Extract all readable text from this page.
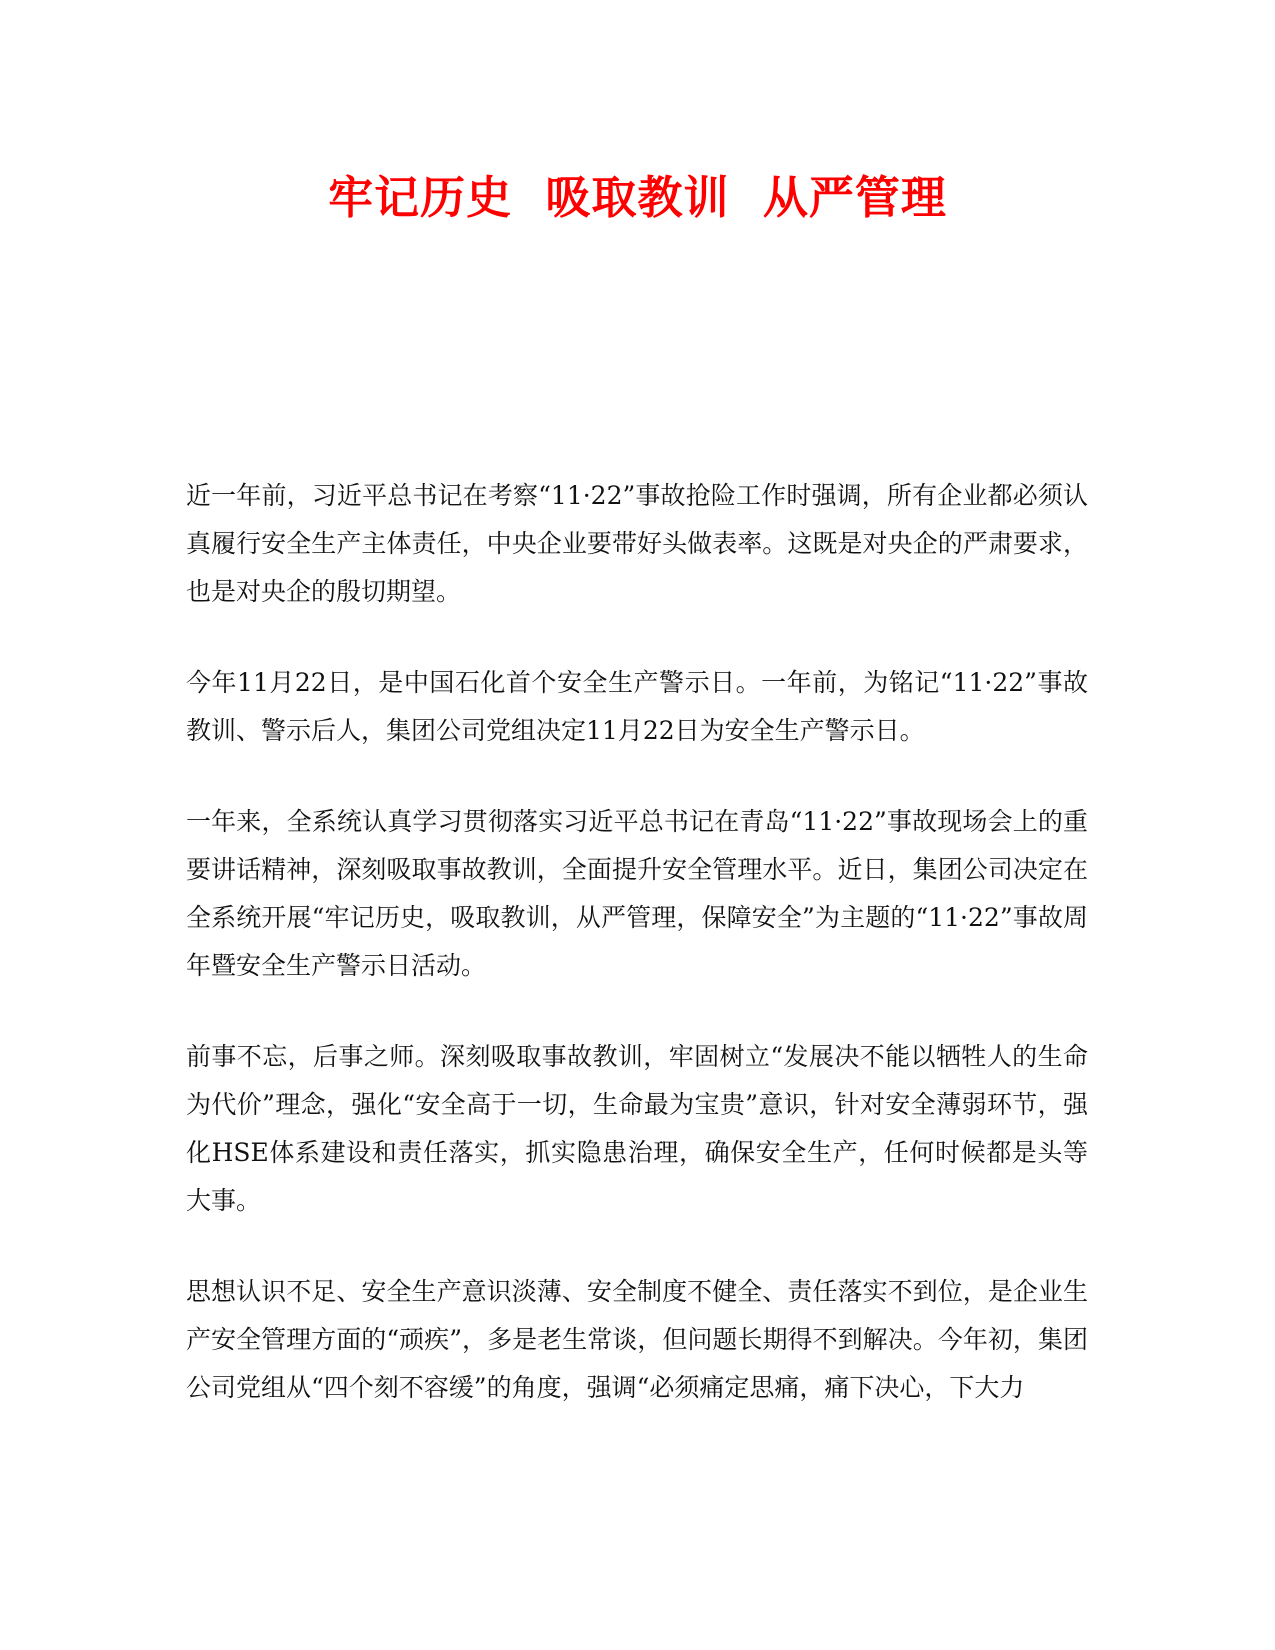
牢记历史  吸取教训  从严管理

近一年前，习近平总书记在考察“11·22”事故抢险工作时强调，所有企业都必须认真履行安全生产主体责任，中央企业要带好头做表率。这既是对央企的严肃要求，也是对央企的殷切期望。

今年11月22日，是中国石化首个安全生产警示日。一年前，为铭记“11·22”事故教训、警示后人，集团公司党组决定11月22日为安全生产警示日。

一年来，全系统认真学习贯彻落实习近平总书记在青岛“11·22”事故现场会上的重要讲话精神，深刻吸取事故教训，全面提升安全管理水平。近日，集团公司决定在全系统开展“牢记历史，吸取教训，从严管理，保障安全”为主题的“11·22”事故周年暨安全生产警示日活动。

前事不忘，后事之师。深刻吸取事故教训，牢固树立“发展决不能以牺牲人的生命为代价”理念，强化“安全高于一切，生命最为宝贵”意识，针对安全薄弱环节，强化HSE体系建设和责任落实，抓实隐患治理，确保安全生产，任何时候都是头等大事。

思想认识不足、安全生产意识淡薄、安全制度不健全、责任落实不到位，是企业生产安全管理方面的“顽疾”，多是老生常谈，但问题长期得不到解决。今年初，集团公司党组从“四个刻不容缓”的角度，强调“必须痛定思痛，痛下决心，下大力
